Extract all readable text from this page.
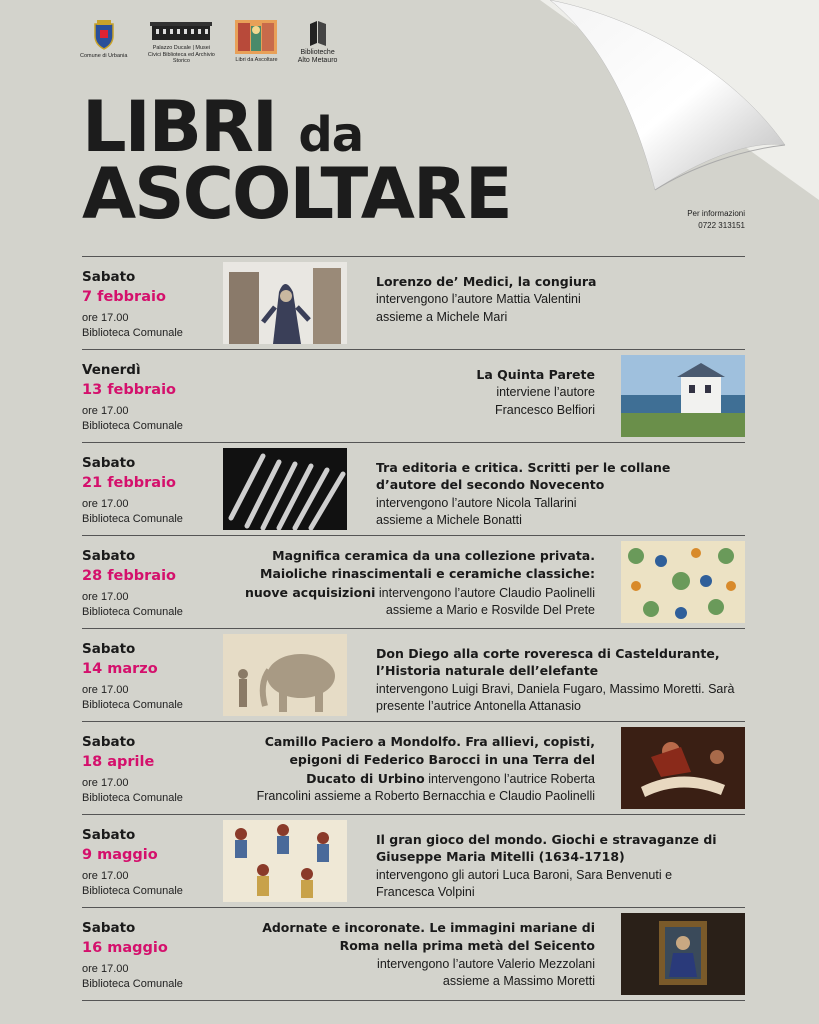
Comune di Urbania
Palazzo Ducale | Musei Civici Biblioteca ed Archivio Storico	Libri da Ascoltare
Biblioteche Alto Metauro
LIBRI da
ASCOLTARE	Per informazioni
0722 313151
Sabato
7 febbraio
ore 17.00
Biblioteca Comunale
Lorenzo de’ Medici, la congiura
intervengono l’autore Mattia Valentini assieme a Michele Mari
Venerdì
13 febbraio
ore 17.00
Biblioteca Comunale
La Quinta Parete
interviene l’autore Francesco Belfiori
Sabato
21 febbraio
ore 17.00
Biblioteca Comunale
Tra editoria e critica. Scritti per le collane d’autore del secondo Novecento
intervengono l’autore Nicola Tallarini assieme a Michele Bonatti
Sabato
28 febbraio
ore 17.00
Biblioteca Comunale
Magnifica ceramica da una collezione privata. Maioliche rinascimentali e ceramiche classiche: nuove acquisizioni intervengono l’autore Claudio Paolinelli assieme a Mario e Rosvilde Del Prete
Sabato
14 marzo
ore 17.00
Biblioteca Comunale
Don Diego alla corte roveresca di Casteldurante, l’Historia naturale dell’elefante
intervengono Luigi Bravi, Daniela Fugaro, Massimo Moretti. Sarà presente l’autrice Antonella Attanasio
Sabato
18 aprile
ore 17.00
Biblioteca Comunale
Camillo Paciero a Mondolfo. Fra allievi, copisti, epigoni di Federico Barocci in una Terra del Ducato di Urbino intervengono l’autrice Roberta Francolini assieme a Roberto Bernacchia e Claudio Paolinelli
Sabato
9 maggio
ore 17.00
Biblioteca Comunale
Il gran gioco del mondo. Giochi e stravaganze di Giuseppe Maria Mitelli (1634-1718)
intervengono gli autori Luca Baroni, Sara Benvenuti e Francesca Volpini
Sabato
16 maggio
ore 17.00
Biblioteca Comunale
Adornate e incoronate. Le immagini mariane di Roma nella prima metà del Seicento
intervengono l’autore Valerio Mezzolani assieme a Massimo Moretti
